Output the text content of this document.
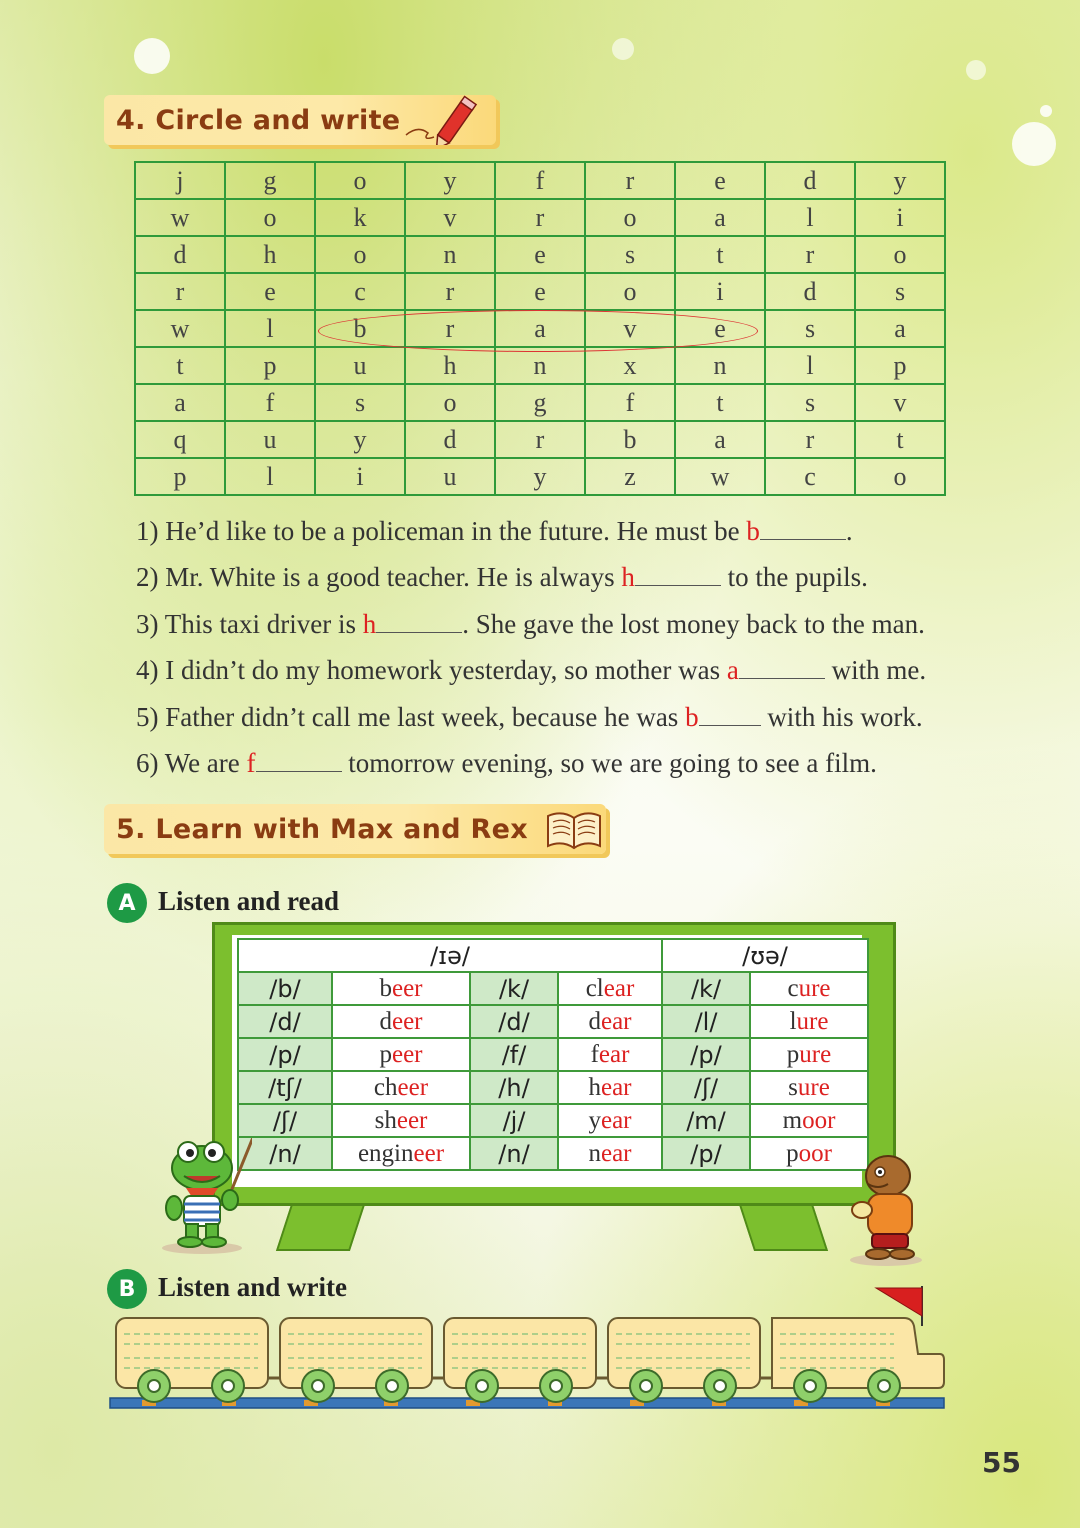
4. Circle and write
j	g	o	y	f	r	e	d	y
w	o	k	v	r	o	a	l	i
d	h	o	n	e	s	t	r	o
r	e	c	r	e	o	i	d	s
w	l	b	r	a	v	e	s	a
t	p	u	h	n	x	n	l	p
a	f	s	o	g	f	t	s	v
q	u	y	d	r	b	a	r	t
p	l	i	u	y	z	w	c	o
1) He’d like to be a policeman in the future. He must be b	.
2) Mr. White is a good teacher. He is always h	to the pupils.
3) This taxi driver is h	. She gave the lost money back to the man.
4) I didn’t do my homework yesterday, so mother was a	with me.
5) Father didn’t call me last week, because he was b with his work.
6) We are f	tomorrow evening, so we are going to see a film.
5. Learn with Max and Rex
A Listen and read
/ɪə/				/ʊə/	
/b/	beer	/k/	clear	/k/	cure
/d/	deer	/d/	dear	/l/	lure
/p/	peer	/f/	fear	/p/	pure
/tʃ/	cheer	/h/	hear	/ʃ/	sure
/ʃ/	sheer	/j/	year	/m/	moor
/n/	engineer	/n/	near	/p/	poor
B Listen and write
55
